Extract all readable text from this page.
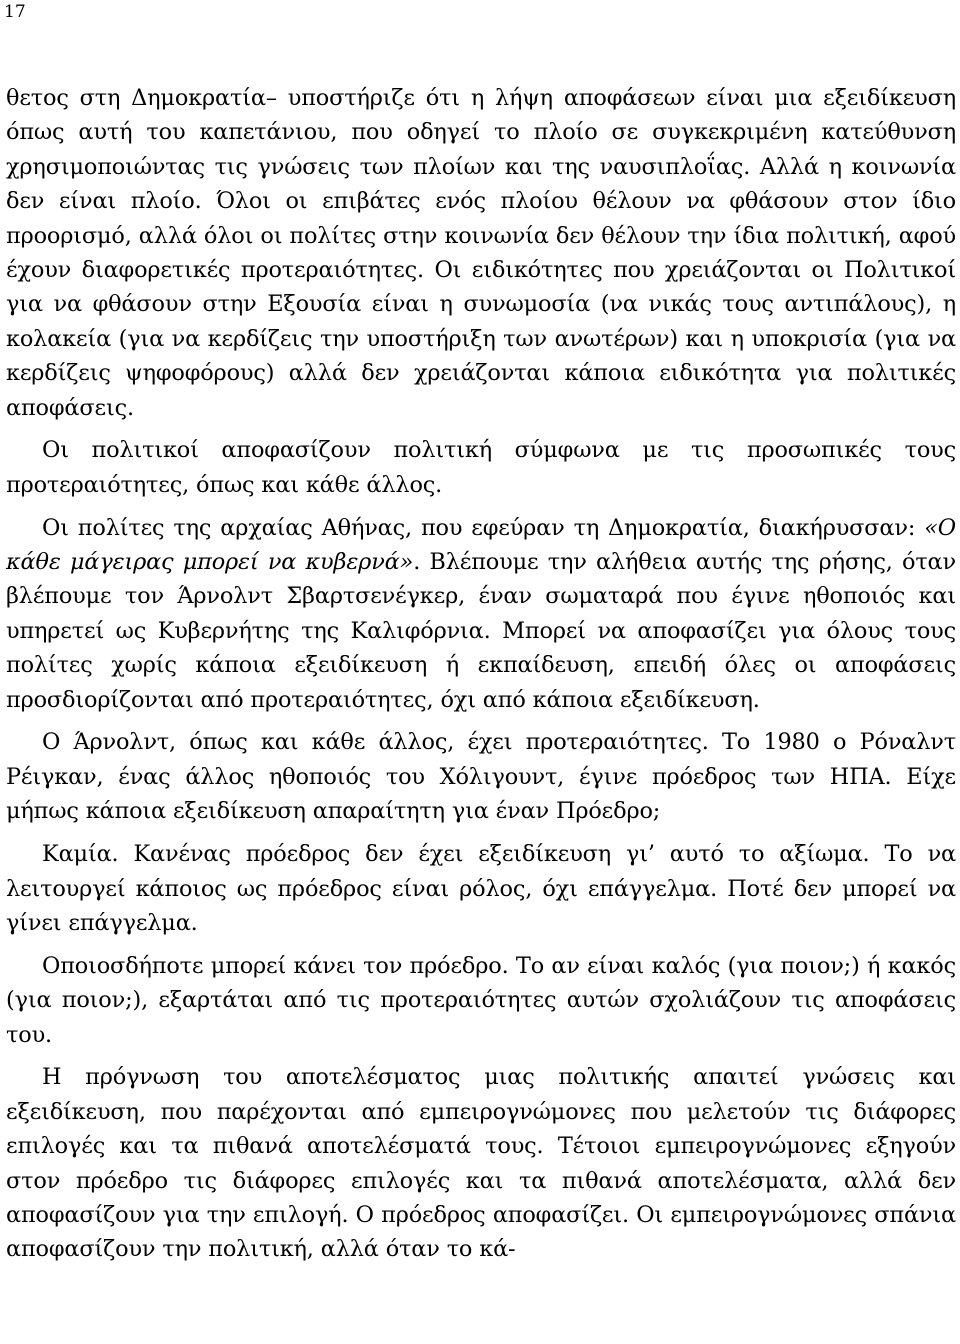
17

θετος στη Δημοκρατία– υποστήριζε ότι η λήψη αποφάσεων είναι μια εξειδίκευση όπως αυτή του καπετάνιου, που οδηγεί το πλοίο σε συγκεκριμένη κατεύθυνση χρησιμοποιώντας τις γνώσεις των πλοίων και της ναυσιπλοΐας. Αλλά η κοινωνία δεν είναι πλοίο. Όλοι οι επιβάτες ενός πλοίου θέλουν να φθάσουν στον ίδιο προορισμό, αλλά όλοι οι πολίτες στην κοινωνία δεν θέλουν την ίδια πολιτική, αφού έχουν διαφορετικές προτεραιότητες. Οι ειδικότητες που χρειάζονται οι Πολιτικοί για να φθάσουν στην Εξουσία είναι η συνωμοσία (να νικάς τους αντιπάλους), η κολακεία (για να κερδίζεις την υποστήριξη των ανωτέρων) και η υποκρισία (για να κερδίζεις ψηφοφόρους) αλλά δεν χρειάζονται κάποια ειδικότητα για πολιτικές αποφάσεις.

Οι πολιτικοί αποφασίζουν πολιτική σύμφωνα με τις προσωπικές τους προτεραιότητες, όπως και κάθε άλλος.

Οι πολίτες της αρχαίας Αθήνας, που εφεύραν τη Δημοκρατία, διακήρυσσαν: «Ο κάθε μάγειρας μπορεί να κυβερνά». Βλέπουμε την αλήθεια αυτής της ρήσης, όταν βλέπουμε τον Άρνολντ Σβαρτσενέγκερ, έναν σωματαρά που έγινε ηθοποιός και υπηρετεί ως Κυβερνήτης της Καλιφόρνια. Μπορεί να αποφασίζει για όλους τους πολίτες χωρίς κάποια εξειδίκευση ή εκπαίδευση, επειδή όλες οι αποφάσεις προσδιορίζονται από προτεραιότητες, όχι από κάποια εξειδίκευση.

Ο Άρνολντ, όπως και κάθε άλλος, έχει προτεραιότητες. Το 1980 ο Ρόναλντ Ρέιγκαν, ένας άλλος ηθοποιός του Χόλιγουντ, έγινε πρόεδρος των ΗΠΑ. Είχε μήπως κάποια εξειδίκευση απαραίτητη για έναν Πρόεδρο;

Καμία. Κανένας πρόεδρος δεν έχει εξειδίκευση γι’ αυτό το αξίωμα. Το να λειτουργεί κάποιος ως πρόεδρος είναι ρόλος, όχι επάγγελμα. Ποτέ δεν μπορεί να γίνει επάγγελμα.

Οποιοσδήποτε μπορεί κάνει τον πρόεδρο. Το αν είναι καλός (για ποιον;) ή κακός (για ποιον;), εξαρτάται από τις προτεραιότητες αυτών σχολιάζουν τις αποφάσεις του.

Η πρόγνωση του αποτελέσματος μιας πολιτικής απαιτεί γνώσεις και εξειδίκευση, που παρέχονται από εμπειρογνώμονες που μελετούν τις διάφορες επιλογές και τα πιθανά αποτελέσματά τους. Τέτοιοι εμπειρογνώμονες εξηγούν στον πρόεδρο τις διάφορες επιλογές και τα πιθανά αποτελέσματα, αλλά δεν αποφασίζουν για την επιλογή. Ο πρόεδρος αποφασίζει. Οι εμπειρογνώμονες σπάνια αποφασίζουν την πολιτική, αλλά όταν το κά-
